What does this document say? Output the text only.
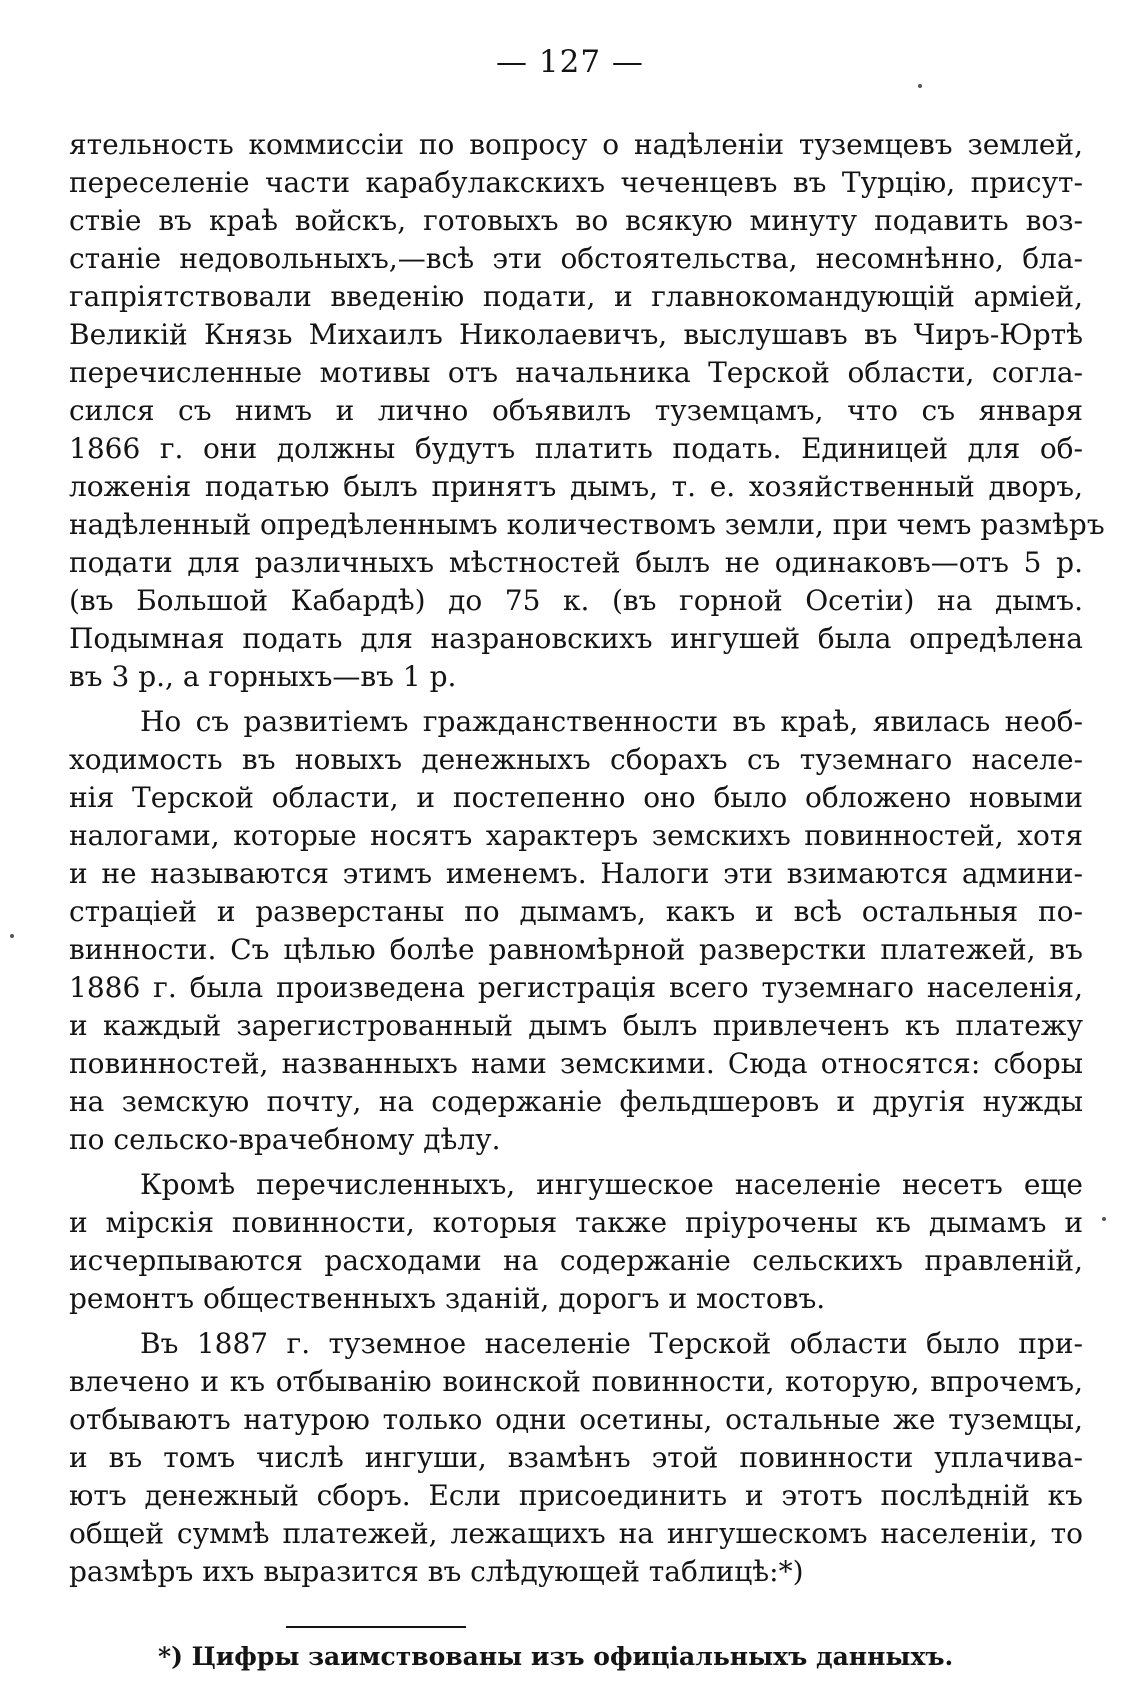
— 127 —

ятельность коммиссіи по вопросу о надѣленіи туземцевъ землей,

переселеніе части карабулакскихъ чеченцевъ въ Турцію, присут-

ствіе въ краѣ войскъ, готовыхъ во всякую минуту подавить воз-

станіе недовольныхъ,—всѣ эти обстоятельства, несомнѣнно, бла-

гапріятствовали введенію подати, и главнокомандующій арміей,

Великій Князь Михаилъ Николаевичъ, выслушавъ въ Чиръ-Юртѣ

перечисленные мотивы отъ начальника Терской области, согла-

сился съ нимъ и лично объявилъ туземцамъ, что съ января

1866 г. они должны будутъ платить подать. Единицей для об-

ложенія податью былъ принятъ дымъ, т. е. хозяйственный дворъ,

надѣленный опредѣленнымъ количествомъ земли, при чемъ размѣръ

подати для различныхъ мѣстностей былъ не одинаковъ—отъ 5 р.

(въ Большой Кабардѣ) до 75 к. (въ горной Осетіи) на дымъ.

Подымная подать для назрановскихъ ингушей была опредѣлена

въ 3 р., а горныхъ—въ 1 р.

Но съ развитіемъ гражданственности въ краѣ, явилась необ-

ходимость въ новыхъ денежныхъ сборахъ съ туземнаго населе-

нія Терской области, и постепенно оно было обложено новыми

налогами, которые носятъ характеръ земскихъ повинностей, хотя

и не называются этимъ именемъ. Налоги эти взимаются админи-

страціей и разверстаны по дымамъ, какъ и всѣ остальныя по-

винности. Съ цѣлью болѣе равномѣрной разверстки платежей, въ

1886 г. была произведена регистрація всего туземнаго населенія,

и каждый зарегистрованный дымъ былъ привлеченъ къ платежу

повинностей, названныхъ нами земскими. Сюда относятся: сборы

на земскую почту, на содержаніе фельдшеровъ и другія нужды

по сельско-врачебному дѣлу.

Кромѣ перечисленныхъ, ингушеское населеніе несетъ еще

и мірскія повинности, которыя также пріурочены къ дымамъ и

исчерпываются расходами на содержаніе сельскихъ правленій,

ремонтъ общественныхъ зданій, дорогъ и мостовъ.

Въ 1887 г. туземное населеніе Терской области было при-

влечено и къ отбыванію воинской повинности, которую, впрочемъ,

отбываютъ натурою только одни осетины, остальные же туземцы,

и въ томъ числѣ ингуши, взамѣнъ этой повинности уплачива-

ютъ денежный сборъ. Если присоединить и этотъ послѣдній къ

общей суммѣ платежей, лежащихъ на ингушескомъ населеніи, то

размѣръ ихъ выразится въ слѣдующей таблицѣ:*)

*) Цифры заимствованы изъ офиціальныхъ данныхъ.
